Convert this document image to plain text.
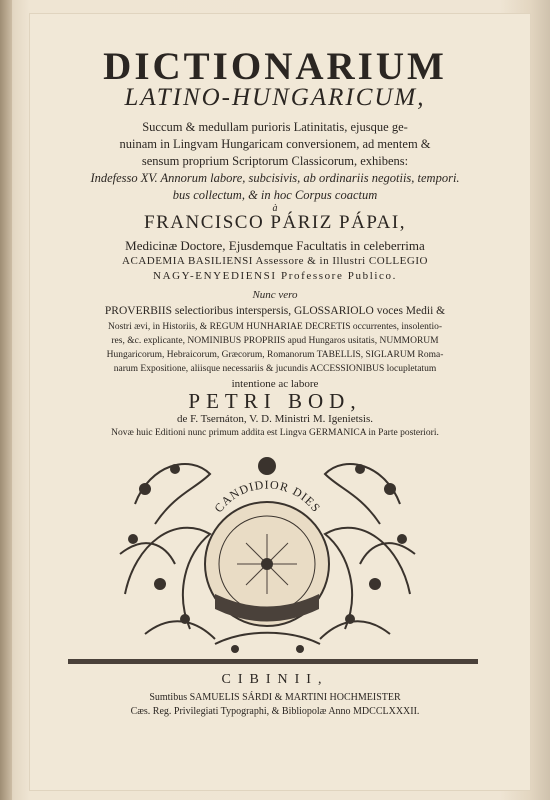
DICTIONARIUM
LATINO-HUNGARICUM,
Succum & medullam purioris Latinitatis, ejusque ge-
nuinam in Lingvam Hungaricam conversionem, ad mentem &
sensum proprium Scriptorum Classicorum, exhibens:
Indefesso XV. Annorum labore, subcisivis, ab ordinariis negotiis, tempori.
bus collectum, & in hoc Corpus coactum
à
FRANCISCO PÁRIZ PÁPAI,
Medicinæ Doctore, Ejusdemque Facultatis in celeberrima
ACADEMIA BASILIENSI Assessore & in Illustri COLLEGIO
NAGY-ENYEDIENSI Professore Publico.
Nunc vero
PROVERBIIS selectioribus interspersis, GLOSSARIOLO voces Medii &
Nostri ævi, in Historiis, & REGUM HUNHARIAE DECRETIS occurrentes, insolentio-
res, &c. explicante, NOMINIBUS PROPRIIS apud Hungaros usitatis, NUMMORUM
Hungaricorum, Hebraicorum, Græcorum, Romanorum TABELLIS, SIGLARUM Roma-
narum Expositione, aliisque necessariis & jucundis ACCESSIONIBUS locupletatum
intentione ac labore
PETRI BOD,
de F. Tsernáton, V. D. Ministri M. Igenietsis.
Novæ huic Editioni nunc primum addita est Lingva GERMANICA in Parte posteriori.
CANDIDIOR DIES
CIBINII,
Sumtibus SAMUELIS SÁRDI & MARTINI HOCHMEISTER
Cæs. Reg. Privilegiati Typographi, & Bibliopolæ Anno MDCCLXXXII.
